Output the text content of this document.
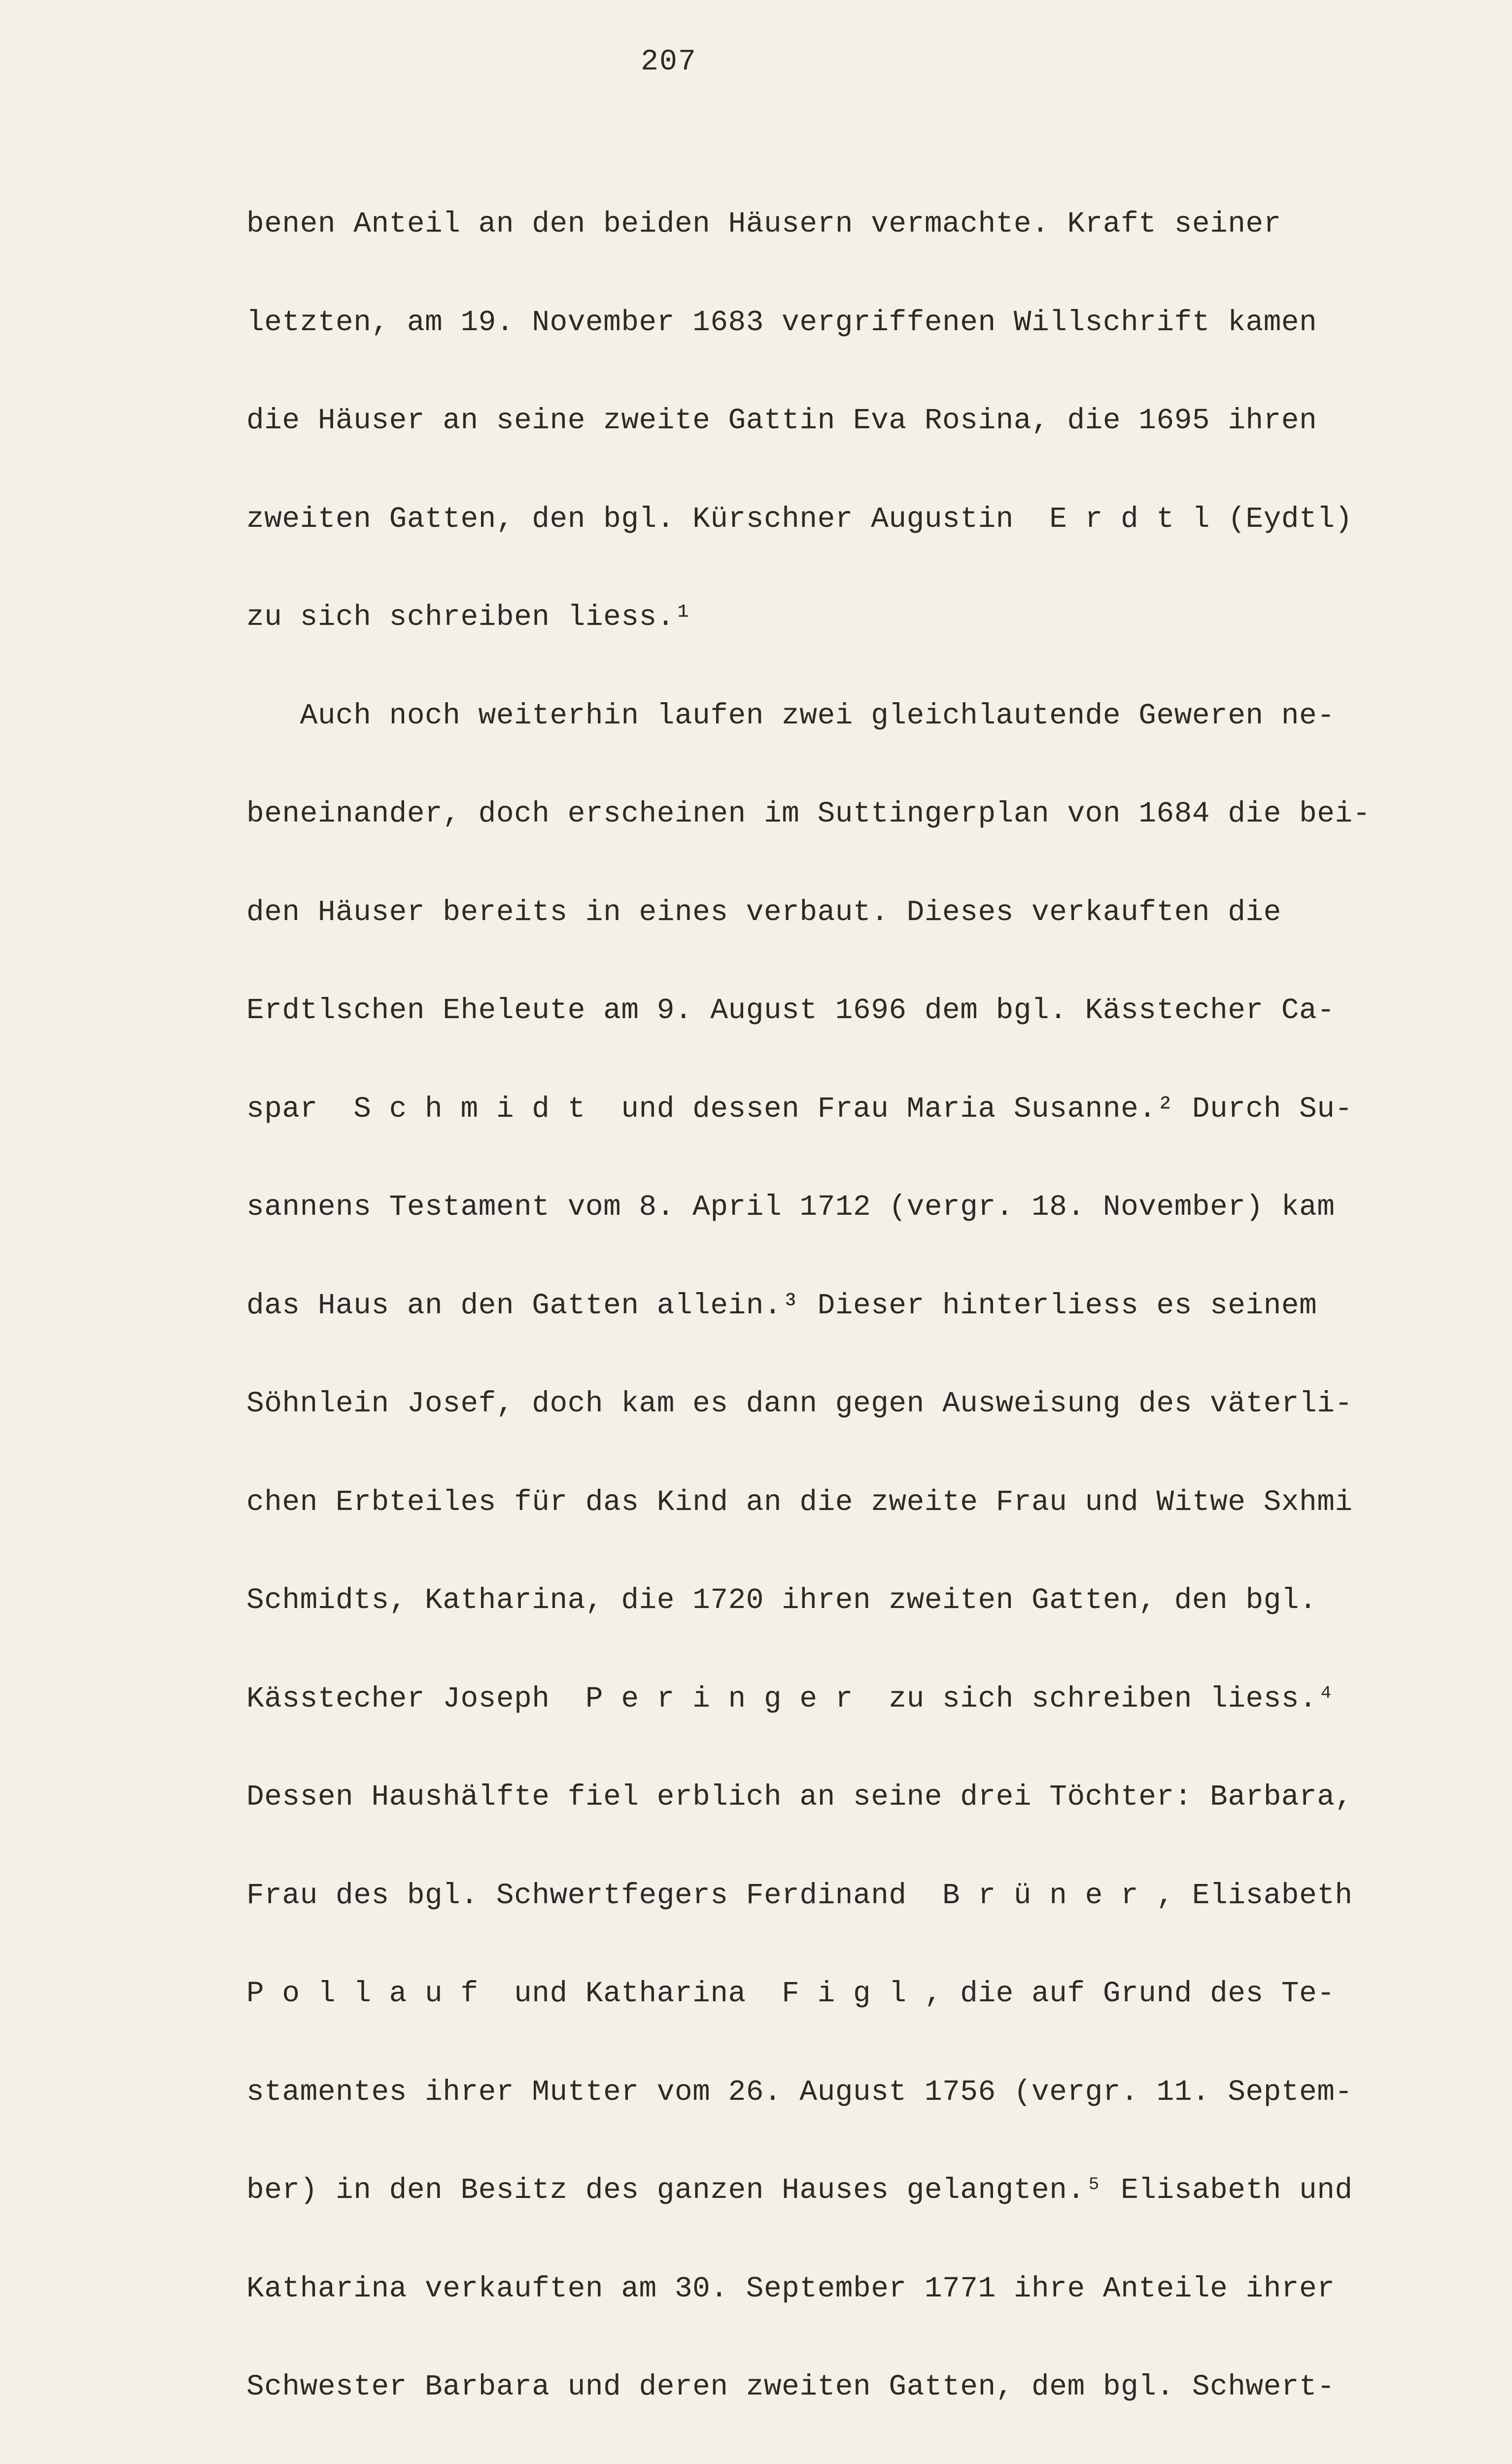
207

benen Anteil an den beiden Häusern vermachte. Kraft seiner

letzten, am 19. November 1683 vergriffenen Willschrift kamen

die Häuser an seine zweite Gattin Eva Rosina, die 1695 ihren

zweiten Gatten, den bgl. Kürschner Augustin  E r d t l (Eydtl)

zu sich schreiben liess.¹

Auch noch weiterhin laufen zwei gleichlautende Geweren ne-

beneinander, doch erscheinen im Suttingerplan von 1684 die bei-

den Häuser bereits in eines verbaut. Dieses verkauften die

Erdtlschen Eheleute am 9. August 1696 dem bgl. Kässtecher Ca-

spar  S c h m i d t  und dessen Frau Maria Susanne.² Durch Su-

sannens Testament vom 8. April 1712 (vergr. 18. November) kam

das Haus an den Gatten allein.³ Dieser hinterliess es seinem

Söhnlein Josef, doch kam es dann gegen Ausweisung des väterli-

chen Erbteiles für das Kind an die zweite Frau und Witwe Sxhmi

Schmidts, Katharina, die 1720 ihren zweiten Gatten, den bgl.

Kässtecher Joseph  P e r i n g e r  zu sich schreiben liess.⁴

Dessen Haushälfte fiel erblich an seine drei Töchter: Barbara,

Frau des bgl. Schwertfegers Ferdinand  B r ü n e r , Elisabeth

P o l l a u f  und Katharina  F i g l , die auf Grund des Te-

stamentes ihrer Mutter vom 26. August 1756 (vergr. 11. Septem-

ber) in den Besitz des ganzen Hauses gelangten.⁵ Elisabeth und

Katharina verkauften am 30. September 1771 ihre Anteile ihrer

Schwester Barbara und deren zweiten Gatten, dem bgl. Schwert-
